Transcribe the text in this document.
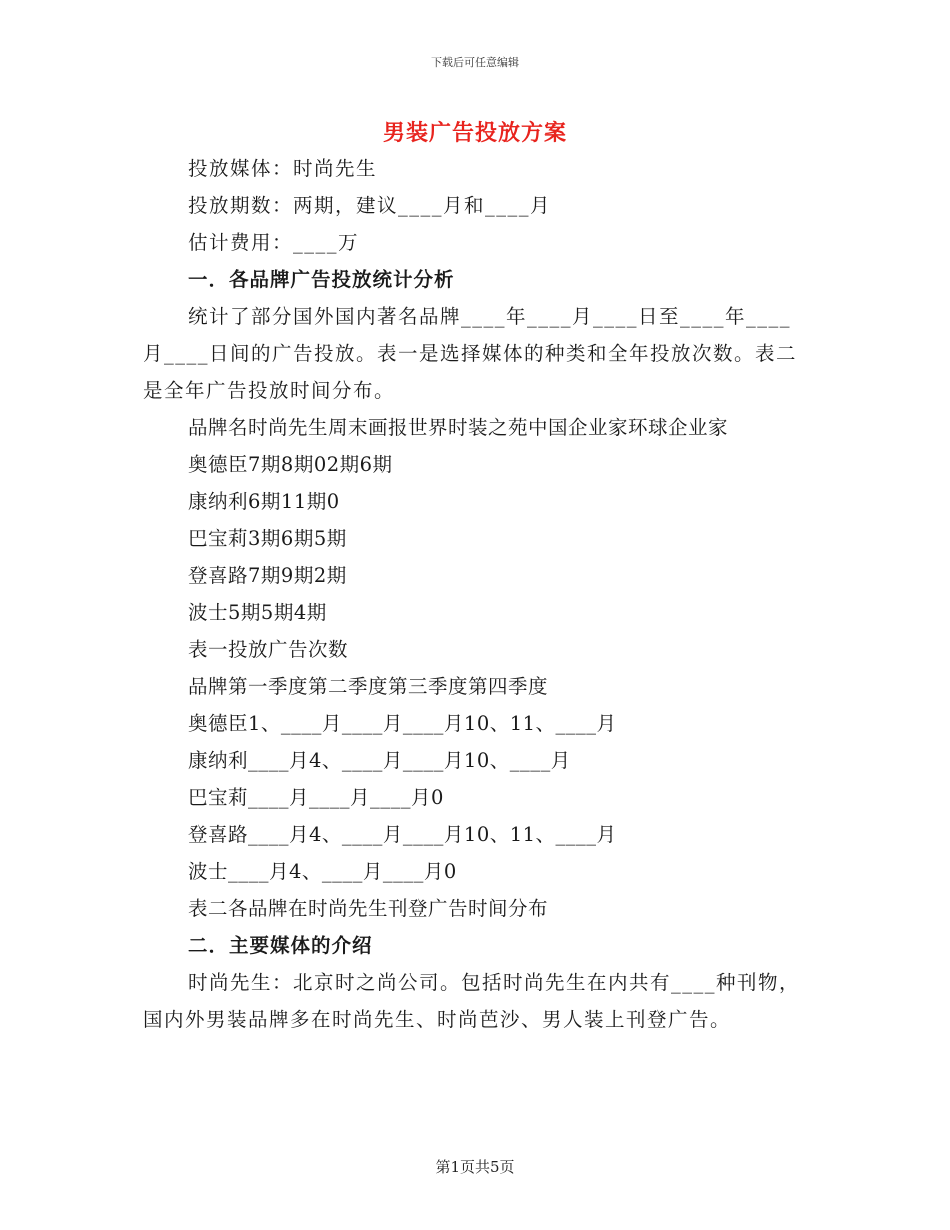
下载后可任意编辑
男装广告投放方案

投放媒体：时尚先生

投放期数：两期，建议____月和____月

估计费用：____万

一．各品牌广告投放统计分析

统计了部分国外国内著名品牌____年____月____日至____年____月____日间的广告投放。表一是选择媒体的种类和全年投放次数。表二是全年广告投放时间分布。

品牌名时尚先生周末画报世界时装之苑中国企业家环球企业家

奥德臣7期8期02期6期

康纳利6期11期0

巴宝莉3期6期5期

登喜路7期9期2期

波士5期5期4期

表一投放广告次数

品牌第一季度第二季度第三季度第四季度

奥德臣1、____月____月____月10、11、____月

康纳利____月4、____月____月10、____月

巴宝莉____月____月____月0

登喜路____月4、____月____月10、11、____月

波士____月4、____月____月0

表二各品牌在时尚先生刊登广告时间分布

二．主要媒体的介绍

时尚先生：北京时之尚公司。包括时尚先生在内共有____种刊物，国内外男装品牌多在时尚先生、时尚芭沙、男人装上刊登广告。

第1页共5页
